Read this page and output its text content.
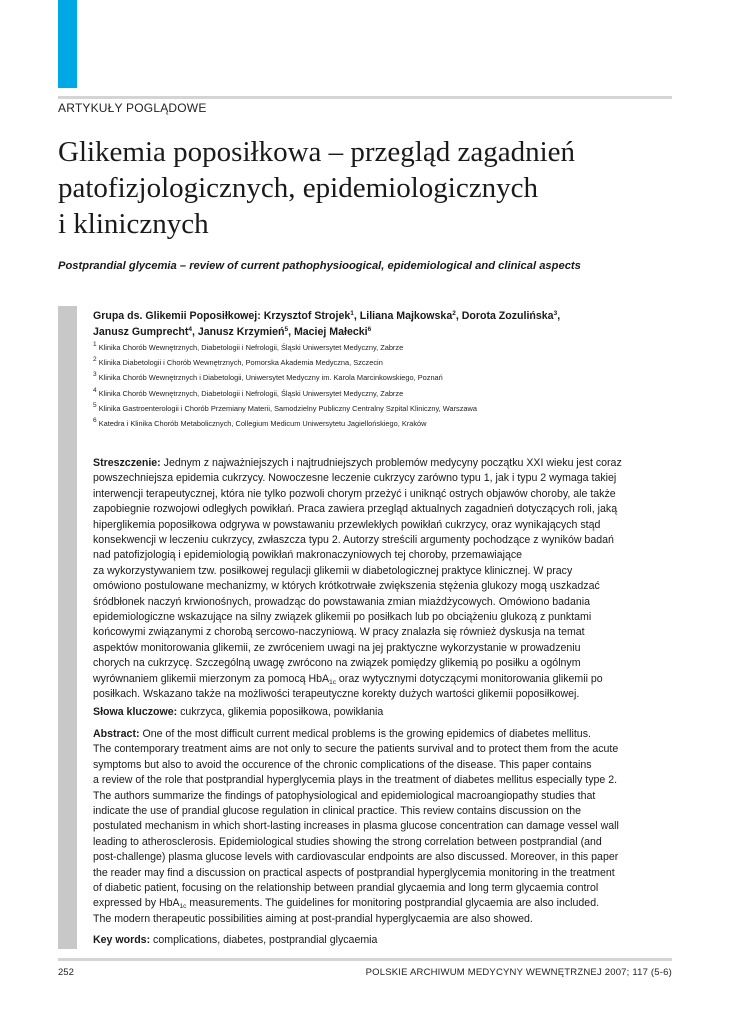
ARTYKUŁY POGLĄDOWE
Glikemia poposiłkowa – przegląd zagadnień
patofizjologicznych, epidemiologicznych
i klinicznych

Postprandial glycemia – review of current pathophysioogical, epidemiological and clinical aspects

Grupa ds. Glikemii Poposiłkowej: Krzysztof Strojek$^1$, Liliana Majkowska$^2$, Dorota Zozulińska$^3$,
Janusz Gumprecht$^4$, Janusz Krzymień$^5$, Maciej Małecki$^6$

$^1$ Klinika Chorób Wewnętrznych, Diabetologii i Nefrologii, Śląski Uniwersytet Medyczny, Zabrze
$^2$ Klinika Diabetologii i Chorób Wewnętrznych, Pomorska Akademia Medyczna, Szczecin
$^3$ Klinika Chorób Wewnętrznych i Diabetologii, Uniwersytet Medyczny im. Karola Marcinkowskiego, Poznań
$^4$ Klinika Chorób Wewnętrznych, Diabetologii i Nefrologii, Śląski Uniwersytet Medyczny, Zabrze
$^5$ Klinika Gastroenterologii i Chorób Przemiany Materii, Samodzielny Publiczny Centralny Szpital Kliniczny, Warszawa
$^6$ Katedra i Klinika Chorób Metabolicznych, Collegium Medicum Uniwersytetu Jagiellońskiego, Kraków
Streszczenie: Jednym z najważniejszych i najtrudniejszych problemów medycyny początku XXI wieku jest coraz
powszechniejsza epidemia cukrzycy. Nowoczesne leczenie cukrzycy zarówno typu 1, jak i typu 2 wymaga takiej
interwencji terapeutycznej, która nie tylko pozwoli chorym przeżyć i uniknąć ostrych objawów choroby, ale także
zapobiegnie rozwojowi odległych powikłań. Praca zawiera przegląd aktualnych zagadnień dotyczących roli, jaką
hiperglikemia poposiłkowa odgrywa w powstawaniu przewlekłych powikłań cukrzycy, oraz wynikających stąd
konsekwencji w leczeniu cukrzycy, zwłaszcza typu 2. Autorzy streścili argumenty pochodzące z wyników badań
nad patofizjologią i epidemiologią powikłań makronaczyniowych tej choroby, przemawiające
za wykorzystywaniem tzw. posiłkowej regulacji glikemii w diabetologicznej praktyce klinicznej. W pracy
omówiono postulowane mechanizmy, w których krótkotrwałe zwiększenia stężenia glukozy mogą uszkadzać
śródbłonek naczyń krwionośnych, prowadząc do powstawania zmian miażdżycowych. Omówiono badania
epidemiologiczne wskazujące na silny związek glikemii po posiłkach lub po obciążeniu glukozą z punktami
końcowymi związanymi z chorobą sercowo-naczyniową. W pracy znalazła się również dyskusja na temat
aspektów monitorowania glikemii, ze zwróceniem uwagi na jej praktyczne wykorzystanie w prowadzeniu
chorych na cukrzycę. Szczególną uwagę zwrócono na związek pomiędzy glikemią po posiłku a ogólnym
wyrównaniem glikemii mierzonym za pomocą HbA$_{1c}$ oraz wytycznymi dotyczącymi monitorowania glikemii po
posiłkach. Wskazano także na możliwości terapeutyczne korekty dużych wartości glikemii poposiłkowej.
Słowa kluczowe: cukrzyca, glikemia poposiłkowa, powikłania
Abstract: One of the most difficult current medical problems is the growing epidemics of diabetes mellitus.
The contemporary treatment aims are not only to secure the patients survival and to protect them from the acute
symptoms but also to avoid the occurence of the chronic complications of the disease. This paper contains
a review of the role that postprandial hyperglycemia plays in the treatment of diabetes mellitus especially type 2.
The authors summarize the findings of patophysiological and epidemiological macroangiopathy studies that
indicate the use of prandial glucose regulation in clinical practice. This review contains discussion on the
postulated mechanism in which short-lasting increases in plasma glucose concentration can damage vessel wall
leading to atherosclerosis. Epidemiological studies showing the strong correlation between postprandial (and
post-challenge) plasma glucose levels with cardiovascular endpoints are also discussed. Moreover, in this paper
the reader may find a discussion on practical aspects of postprandial hyperglycemia monitoring in the treatment
of diabetic patient, focusing on the relationship between prandial glycaemia and long term glycaemia control
expressed by HbA$_{1c}$ measurements. The guidelines for monitoring postprandial glycaemia are also included.
The modern therapeutic possibilities aiming at post-prandial hyperglycaemia are also showed.
Key words: complications, diabetes, postprandial glycaemia
252	POLSKIE ARCHIWUM MEDYCYNY WEWNĘTRZNEJ 2007; 117 (5-6)
